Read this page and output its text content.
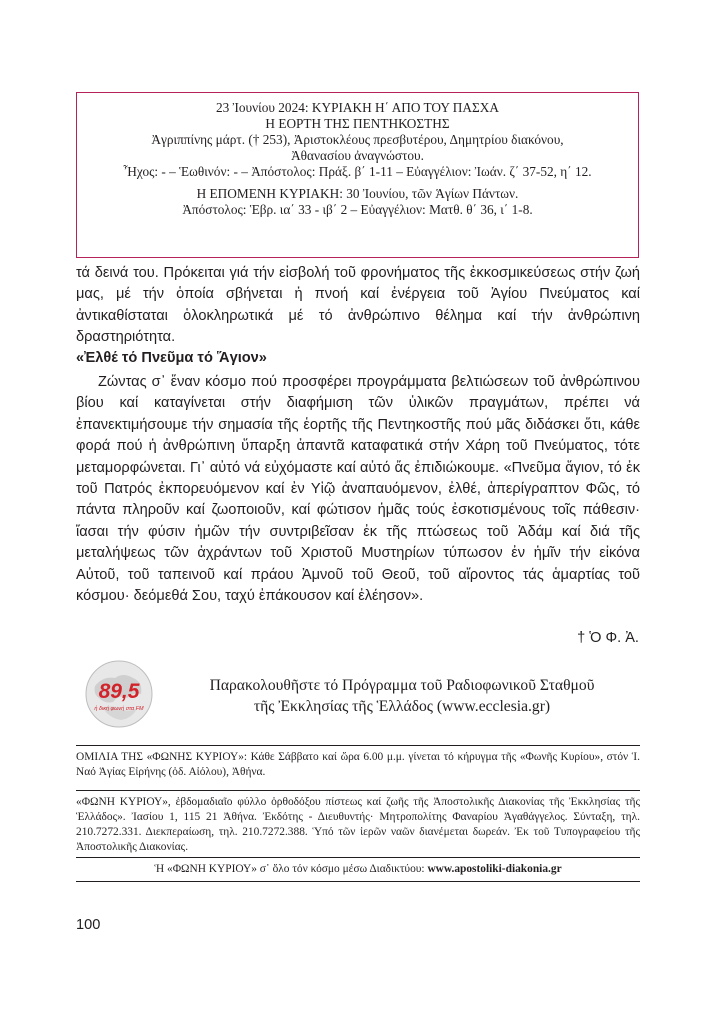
23 Ἰουνίου 2024: ΚΥΡΙΑΚΗ Η΄ ΑΠΟ ΤΟΥ ΠΑΣΧΑ
Η ΕΟΡΤΗ ΤΗΣ ΠΕΝΤΗΚΟΣΤΗΣ
Ἀγριππίνης μάρτ. († 253), Ἀριστοκλέους πρεσβυτέρου, Δημητρίου διακόνου,
Ἀθανασίου ἀναγνώστου.
Ἦχος: - – Ἑωθινόν: - – Ἀπόστολος: Πράξ. β΄ 1-11 – Εὐαγγέλιον: Ἰωάν. ζ΄ 37-52, η΄ 12.
Η ΕΠΟΜΕΝΗ ΚΥΡΙΑΚΗ: 30 Ἰουνίου, τῶν Ἁγίων Πάντων.
Ἀπόστολος: Ἑβρ. ια΄ 33 - ιβ΄ 2 – Εὐαγγέλιον: Ματθ. θ΄ 36, ι΄ 1-8.
τά δεινά του. Πρόκειται γιά τήν εἰσβολή τοῦ φρονήματος τῆς ἐκκοσμικεύσεως στήν ζωή μας, μέ τήν ὁποία σβήνεται ἡ πνοή καί ἐνέργεια τοῦ Ἁγίου Πνεύματος καί ἀντικαθίσταται ὁλοκληρωτικά μέ τό ἀνθρώπινο θέλημα καί τήν ἀνθρώπινη δραστηριότητα.
«Ἐλθέ τό Πνεῦμα τό Ἅγιον»
Ζώντας σ᾽ ἕναν κόσμο πού προσφέρει προγράμματα βελτιώσεων τοῦ ἀνθρώπινου βίου καί καταγίνεται στήν διαφήμιση τῶν ὑλικῶν πραγμάτων, πρέπει νά ἐπανεκτιμήσουμε τήν σημασία τῆς ἑορτῆς τῆς Πεντηκοστῆς πού μᾶς διδάσκει ὅτι, κάθε φορά πού ἡ ἀνθρώπινη ὕπαρξη ἀπαντᾶ καταφατικά στήν Χάρη τοῦ Πνεύματος, τότε μεταμορφώνεται. Γι᾽ αὐτό νά εὐχόμαστε καί αὐτό ἄς ἐπιδιώκουμε. «Πνεῦμα ἅγιον, τό ἐκ τοῦ Πατρός ἐκπορευόμενον καί ἐν Υἱῷ ἀναπαυόμενον, ἐλθέ, ἀπερίγραπτον Φῶς, τό πάντα πληροῦν καί ζωοποιοῦν, καί φώτισον ἡμᾶς τούς ἐσκοτισμένους τοῖς πάθεσιν· ἴασαι τήν φύσιν ἡμῶν τήν συντριβεῖσαν ἐκ τῆς πτώσεως τοῦ Ἀδάμ καί διά τῆς μεταλήψεως τῶν ἀχράντων τοῦ Χριστοῦ Μυστηρίων τύπωσον ἐν ἡμῖν τήν εἰκόνα Αὐτοῦ, τοῦ ταπεινοῦ καί πράου Ἀμνοῦ τοῦ Θεοῦ, τοῦ αἴροντος τάς ἁμαρτίας τοῦ κόσμου· δεόμεθά Σου, ταχύ ἐπάκουσον καί ἐλέησον».
† Ὁ Φ. Ἀ.
89,5
ἡ δική φωνή στα FM
Παρακολουθῆστε τό Πρόγραμμα τοῦ Ραδιοφωνικοῦ Σταθμοῦ
τῆς Ἐκκλησίας τῆς Ἑλλάδος (www.ecclesia.gr)
ΟΜΙΛΙΑ ΤΗΣ «ΦΩΝΗΣ ΚΥΡΙΟΥ»: Κάθε Σάββατο καί ὥρα 6.00 μ.μ. γίνεται τό κήρυγμα τῆς «Φωνῆς Κυρίου», στόν Ἱ. Ναό Ἁγίας Εἰρήνης (ὁδ. Αἰόλου), Ἀθήνα.
«ΦΩΝΗ ΚΥΡΙΟΥ», ἑβδομαδιαῖο φύλλο ὀρθοδόξου πίστεως καί ζωῆς τῆς Ἀποστολικῆς Διακονίας τῆς Ἐκκλησίας τῆς Ἑλλάδος». Ἰασίου 1, 115 21 Ἀθήνα. Ἐκδότης - Διευθυντής· Μητροπολίτης Φαναρίου Ἀγαθάγγελος. Σύνταξη, τηλ. 210.7272.331. Διεκπεραίωση, τηλ. 210.7272.388. Ὑπό τῶν ἱερῶν ναῶν διανέμεται δωρεάν. Ἐκ τοῦ Τυπογραφείου τῆς Ἀποστολικῆς Διακονίας.
Ἡ «ΦΩΝΗ ΚΥΡΙΟΥ» σ᾽ ὅλο τόν κόσμο μέσω Διαδικτύου: www.apostoliki-diakonia.gr
100
